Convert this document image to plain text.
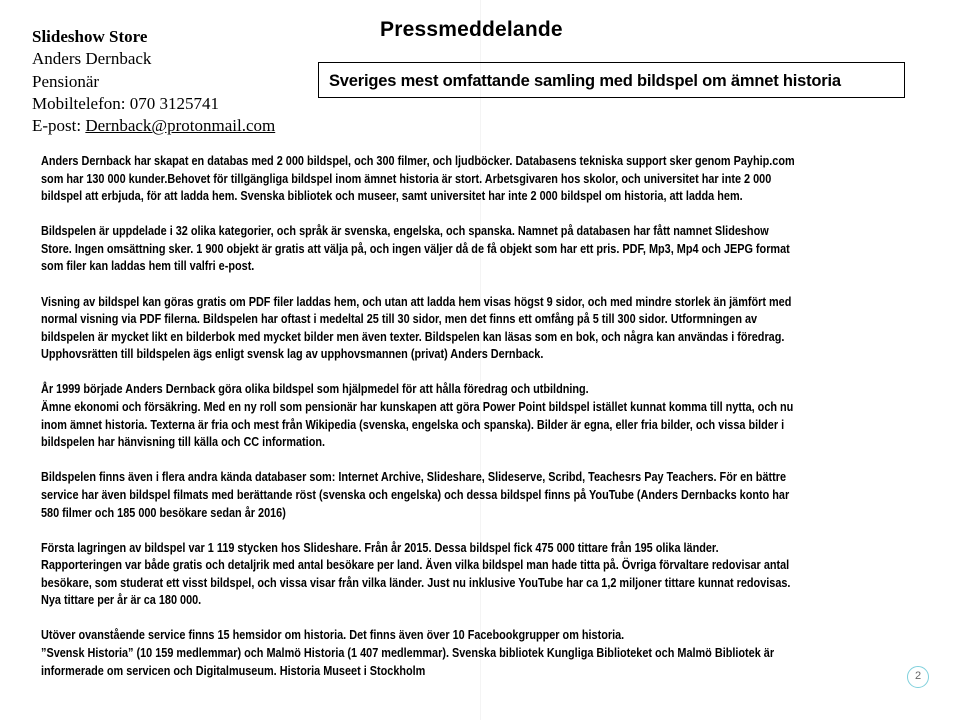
Slideshow Store
Anders Dernback
Pensionär
Mobiltelefon: 070 3125741
E-post: Dernback@protonmail.com
Pressmeddelande
Sveriges mest omfattande samling med bildspel om ämnet historia
Anders Dernback har skapat en databas med 2 000 bildspel, och 300 filmer, och ljudböcker. Databasens tekniska support sker genom Payhip.com
som har 130 000 kunder.Behovet för tillgängliga bildspel inom ämnet historia är stort. Arbetsgivaren hos skolor, och universitet har inte 2 000
bildspel att erbjuda, för att ladda hem. Svenska bibliotek och museer, samt universitet har inte 2 000 bildspel om historia, att ladda hem.
Bildspelen är uppdelade i 32 olika kategorier, och språk är svenska, engelska, och spanska. Namnet på databasen har fått namnet Slideshow
Store. Ingen omsättning sker. 1 900 objekt är gratis att välja på, och ingen väljer då de få objekt som har ett pris. PDF, Mp3, Mp4 och JEPG format
som filer kan laddas hem till valfri e-post.
Visning av bildspel kan göras gratis om PDF filer laddas hem, och utan att ladda hem visas högst 9 sidor, och med mindre storlek än jämfört med
normal visning via PDF filerna. Bildspelen har oftast i medeltal 25 till 30 sidor, men det finns ett omfång på 5 till 300 sidor. Utformningen av
bildspelen är mycket likt en bilderbok med mycket bilder men även texter. Bildspelen kan läsas som en bok, och några kan användas i föredrag.
Upphovsrätten till bildspelen ägs enligt svensk lag av upphovsmannen (privat) Anders Dernback.
År 1999 började Anders Dernback göra olika bildspel som hjälpmedel för att hålla föredrag och utbildning.
Ämne ekonomi och försäkring. Med en ny roll som pensionär har kunskapen att göra Power Point bildspel istället kunnat komma till nytta, och nu
inom ämnet historia. Texterna är fria och mest från Wikipedia (svenska, engelska och spanska). Bilder är egna, eller fria bilder, och vissa bilder i
bildspelen har hänvisning till källa och CC information.
Bildspelen finns även i flera andra kända databaser som: Internet Archive, Slideshare, Slideserve, Scribd, Teachesrs Pay Teachers. För en bättre
service har även bildspel filmats med berättande röst (svenska och engelska) och dessa bildspel finns på YouTube (Anders Dernbacks konto har
580 filmer och 185 000 besökare sedan år 2016)
Första lagringen av bildspel var 1 119 stycken hos Slideshare. Från år 2015. Dessa bildspel fick 475 000 tittare från 195 olika länder.
Rapporteringen var både gratis och detaljrik med antal besökare per land. Även vilka bildspel man hade titta på. Övriga förvaltare redovisar antal
besökare, som studerat ett visst bildspel, och vissa visar från vilka länder. Just nu inklusive YouTube har ca 1,2 miljoner tittare kunnat redovisas.
Nya tittare per år är ca 180 000.
Utöver ovanstående service finns 15 hemsidor om historia. Det finns även över 10 Facebookgrupper om historia.
”Svensk Historia” (10 159 medlemmar) och Malmö Historia (1 407 medlemmar). Svenska bibliotek Kungliga Biblioteket och Malmö Bibliotek är
informerade om servicen och Digitalmuseum. Historia Museet i Stockholm	2
